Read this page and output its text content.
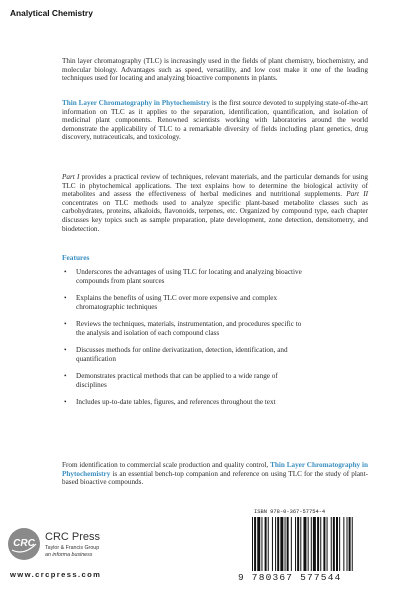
Analytical Chemistry

Thin layer chromatography (TLC) is increasingly used in the fields of plant chemistry, biochemistry, and molecular biology. Advantages such as speed, versatility, and low cost make it one of the leading techniques used for locating and analyzing bioactive components in plants.

Thin Layer Chromatography in Phytochemistry is the first source devoted to supplying state-of-the-art information on TLC as it applies to the separation, identification, quantification, and isolation of medicinal plant components. Renowned scientists working with laboratories around the world demonstrate the applicability of TLC to a remarkable diversity of fields including plant genetics, drug discovery, nutraceuticals, and toxicology.

Part I provides a practical review of techniques, relevant materials, and the particular demands for using TLC in phytochemical applications. The text explains how to determine the biological activity of metabolites and assess the effectiveness of herbal medicines and nutritional supplements. Part II concentrates on TLC methods used to analyze specific plant-based metabolite classes such as carbohydrates, proteins, alkaloids, flavonoids, terpenes, etc. Organized by compound type, each chapter discusses key topics such as sample preparation, plate development, zone detection, densitometry, and biodetection.

Features
• Underscores the advantages of using TLC for locating and analyzing bioactive compounds from plant sources
• Explains the benefits of using TLC over more expensive and complex chromatographic techniques
• Reviews the techniques, materials, instrumentation, and procedures specific to the analysis and isolation of each compound class
• Discusses methods for online derivatization, detection, identification, and quantification
• Demonstrates practical methods that can be applied to a wide range of disciplines
• Includes up-to-date tables, figures, and references throughout the text

From identification to commercial scale production and quality control, Thin Layer Chromatography in Phytochemistry is an essential bench-top companion and reference on using TLC for the study of plant-based bioactive compounds.

CRC
CRC Press
Taylor & Francis Group
an informa business
www.crcpress.com
ISBN 978-0-367-57754-4
9 780367 577544
